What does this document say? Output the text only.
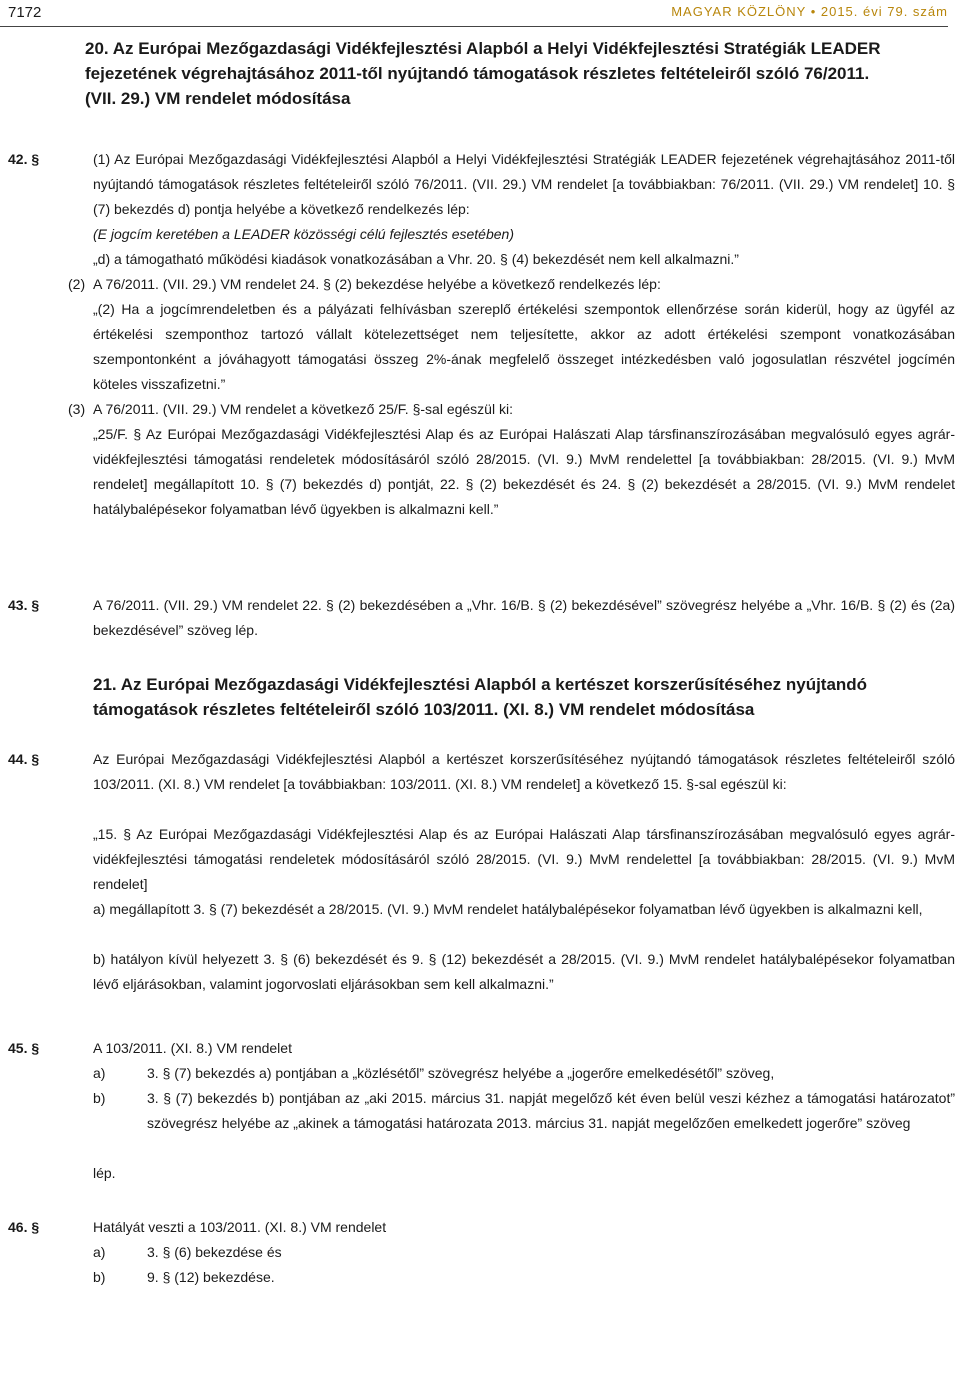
7172	MAGYAR KÖZLÖNY • 2015. évi 79. szám
20. Az Európai Mezőgazdasági Vidékfejlesztési Alapból a Helyi Vidékfejlesztési Stratégiák LEADER fejezetének végrehajtásához 2011-től nyújtandó támogatások részletes feltételeiről szóló 76/2011. (VII. 29.) VM rendelet módosítása
42. §	(1) Az Európai Mezőgazdasági Vidékfejlesztési Alapból a Helyi Vidékfejlesztési Stratégiák LEADER fejezetének végrehajtásához 2011-től nyújtandó támogatások részletes feltételeiről szóló 76/2011. (VII. 29.) VM rendelet [a továbbiakban: 76/2011. (VII. 29.) VM rendelet] 10. § (7) bekezdés d) pontja helyébe a következő rendelkezés lép:
(E jogcím keretében a LEADER közösségi célú fejlesztés esetében)
„d) a támogatható működési kiadások vonatkozásában a Vhr. 20. § (4) bekezdését nem kell alkalmazni.”
(2) A 76/2011. (VII. 29.) VM rendelet 24. § (2) bekezdése helyébe a következő rendelkezés lép:
„(2) Ha a jogcímrendeletben és a pályázati felhívásban szereplő értékelési szempontok ellenőrzése során kiderül, hogy az ügyfél az értékelési szemponthoz tartozó vállalt kötelezettséget nem teljesítette, akkor az adott értékelési szempont vonatkozásában szempontonként a jóváhagyott támogatási összeg 2%-ának megfelelő összeget intézkedésben való jogosulatlan részvétel jogcímén köteles visszafizetni.”
(3) A 76/2011. (VII. 29.) VM rendelet a következő 25/F. §-sal egészül ki:
„25/F. § Az Európai Mezőgazdasági Vidékfejlesztési Alap és az Európai Halászati Alap társfinanszírozásában megvalósuló egyes agrár-vidékfejlesztési támogatási rendeletek módosításáról szóló 28/2015. (VI. 9.) MvM rendelettel [a továbbiakban: 28/2015. (VI. 9.) MvM rendelet] megállapított 10. § (7) bekezdés d) pontját, 22. § (2) bekezdését és 24. § (2) bekezdését a 28/2015. (VI. 9.) MvM rendelet hatálybalépésekor folyamatban lévő ügyekben is alkalmazni kell.”
43. §	A 76/2011. (VII. 29.) VM rendelet 22. § (2) bekezdésében a „Vhr. 16/B. § (2) bekezdésével” szövegrész helyébe a „Vhr. 16/B. § (2) és (2a) bekezdésével” szöveg lép.
21. Az Európai Mezőgazdasági Vidékfejlesztési Alapból a kertészet korszerűsítéséhez nyújtandó támogatások részletes feltételeiről szóló 103/2011. (XI. 8.) VM rendelet módosítása
44. §	Az Európai Mezőgazdasági Vidékfejlesztési Alapból a kertészet korszerűsítéséhez nyújtandó támogatások részletes feltételeiről szóló 103/2011. (XI. 8.) VM rendelet [a továbbiakban: 103/2011. (XI. 8.) VM rendelet] a következő 15. §-sal egészül ki:
„15. § Az Európai Mezőgazdasági Vidékfejlesztési Alap és az Európai Halászati Alap társfinanszírozásában megvalósuló egyes agrár-vidékfejlesztési támogatási rendeletek módosításáról szóló 28/2015. (VI. 9.) MvM rendelettel [a továbbiakban: 28/2015. (VI. 9.) MvM rendelet]
a) megállapított 3. § (7) bekezdését a 28/2015. (VI. 9.) MvM rendelet hatálybalépésekor folyamatban lévő ügyekben is alkalmazni kell,
b) hatályon kívül helyezett 3. § (6) bekezdését és 9. § (12) bekezdését a 28/2015. (VI. 9.) MvM rendelet hatálybalépésekor folyamatban lévő eljárásokban, valamint jogorvoslati eljárásokban sem kell alkalmazni.”
45. §	A 103/2011. (XI. 8.) VM rendelet
a)	3. § (7) bekezdés a) pontjában a „közlésétől” szövegrész helyébe a „jogerőre emelkedésétől” szöveg,
b)	3. § (7) bekezdés b) pontjában az „aki 2015. március 31. napját megelőző két éven belül veszi kézhez a támogatási határozatot” szövegrész helyébe az „akinek a támogatási határozata 2013. március 31. napját megelőzően emelkedett jogerőre” szöveg
lép.
46. §	Hatályát veszti a 103/2011. (XI. 8.) VM rendelet
a)	3. § (6) bekezdése és
b)	9. § (12) bekezdése.
